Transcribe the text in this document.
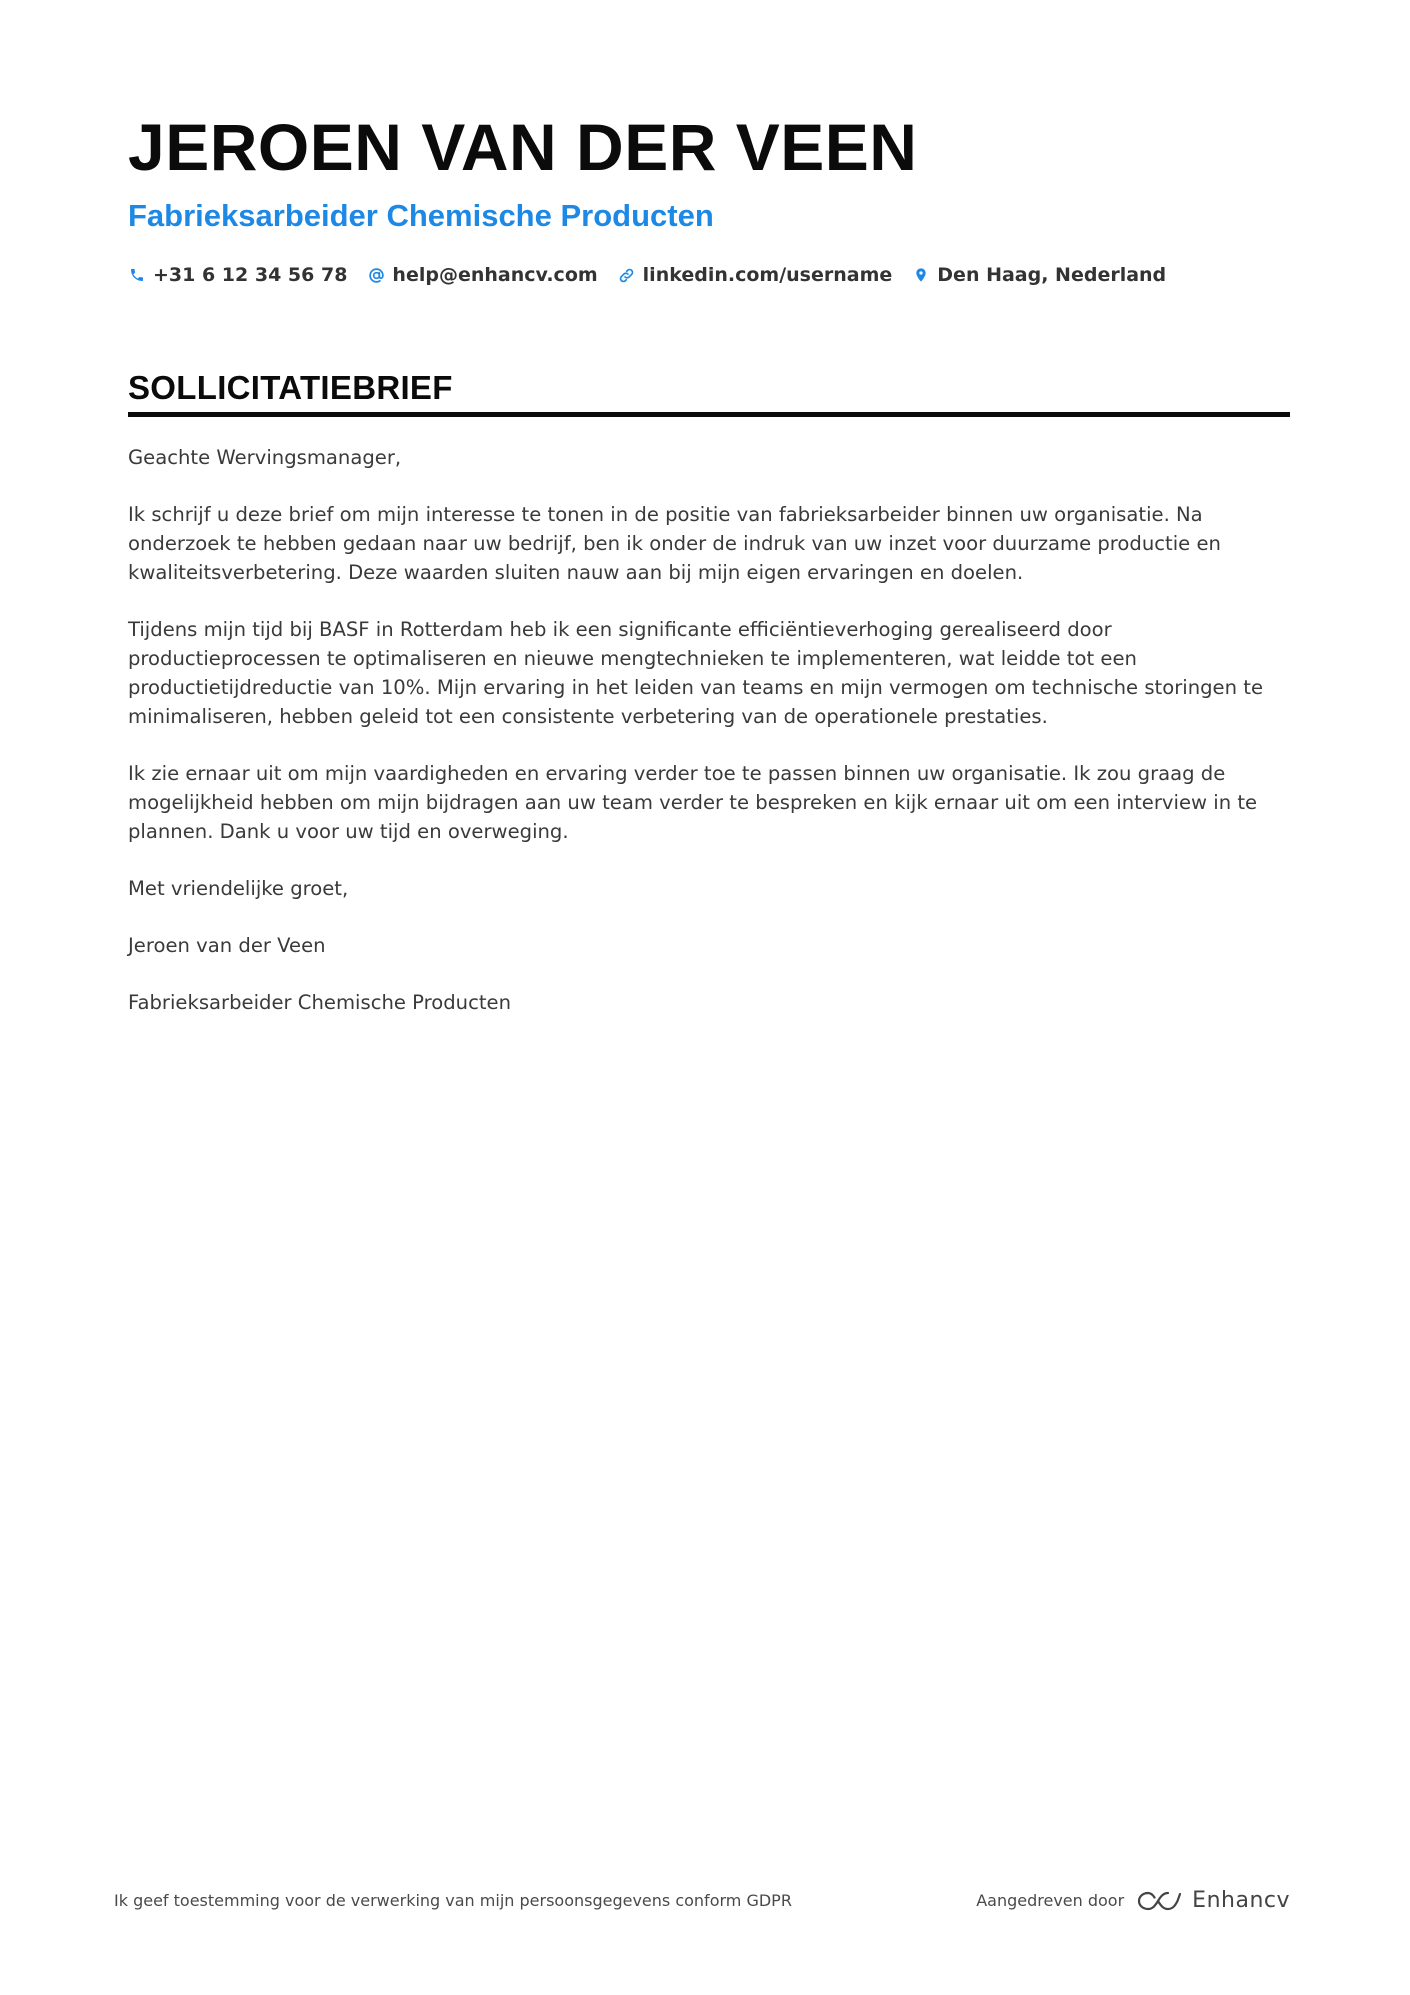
JEROEN VAN DER VEEN
Fabrieksarbeider Chemische Producten
+31 6 12 34 56 78 help@enhancv.com linkedin.com/username Den Haag, Nederland
SOLLICITATIEBRIEF

Geachte Wervingsmanager,

Ik schrijf u deze brief om mijn interesse te tonen in de positie van fabrieksarbeider binnen uw organisatie. Na onderzoek te hebben gedaan naar uw bedrijf, ben ik onder de indruk van uw inzet voor duurzame productie en kwaliteitsverbetering. Deze waarden sluiten nauw aan bij mijn eigen ervaringen en doelen.

Tijdens mijn tijd bij BASF in Rotterdam heb ik een significante efficiëntieverhoging gerealiseerd door productieprocessen te optimaliseren en nieuwe mengtechnieken te implementeren, wat leidde tot een productietijdreductie van 10%. Mijn ervaring in het leiden van teams en mijn vermogen om technische storingen te minimaliseren, hebben geleid tot een consistente verbetering van de operationele prestaties.

Ik zie ernaar uit om mijn vaardigheden en ervaring verder toe te passen binnen uw organisatie. Ik zou graag de mogelijkheid hebben om mijn bijdragen aan uw team verder te bespreken en kijk ernaar uit om een interview in te plannen. Dank u voor uw tijd en overweging.

Met vriendelijke groet,

Jeroen van der Veen

Fabrieksarbeider Chemische Producten

Ik geef toestemming voor de verwerking van mijn persoonsgegevens conform GDPR	Aangedreven door	Enhancv
